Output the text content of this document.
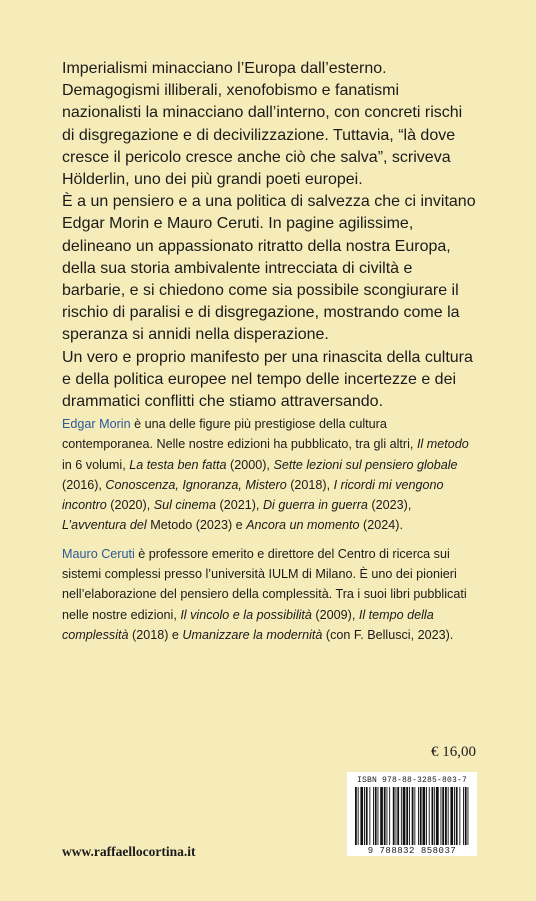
Imperialismi minacciano l’Europa dall’esterno. Demagogismi illiberali, xenofobismo e fanatismi nazionalisti la minacciano dall’interno, con concreti rischi di disgregazione e di decivilizzazione. Tuttavia, “là dove cresce il pericolo cresce anche ciò che salva”, scriveva Hölderlin, uno dei più grandi poeti europei.

È a un pensiero e a una politica di salvezza che ci invitano Edgar Morin e Mauro Ceruti. In pagine agilissime, delineano un appassionato ritratto della nostra Europa, della sua storia ambivalente intrecciata di civiltà e barbarie, e si chiedono come sia possibile scongiurare il rischio di paralisi e di disgregazione, mostrando come la speranza si annidi nella disperazione.

Un vero e proprio manifesto per una rinascita della cultura e della politica europee nel tempo delle incertezze e dei drammatici conflitti che stiamo attraversando.

Edgar Morin è una delle figure più prestigiose della cultura contemporanea. Nelle nostre edizioni ha pubblicato, tra gli altri, Il metodo in 6 volumi, La testa ben fatta (2000), Sette lezioni sul pensiero globale (2016), Conoscenza, Ignoranza, Mistero (2018), I ricordi mi vengono incontro (2020), Sul cinema (2021), Di guerra in guerra (2023), L’avventura del Metodo (2023) e Ancora un momento (2024).

Mauro Ceruti è professore emerito e direttore del Centro di ricerca sui sistemi complessi presso l’università IULM di Milano. È uno dei pionieri nell’elaborazione del pensiero della complessità. Tra i suoi libri pubblicati nelle nostre edizioni, Il vincolo e la possibilità (2009), Il tempo della complessità (2018) e Umanizzare la modernità (con F. Bellusci, 2023).

€ 16,00
ISBN 978-88-3285-803-7
9 788832 858037
www.raffaellocortina.it
